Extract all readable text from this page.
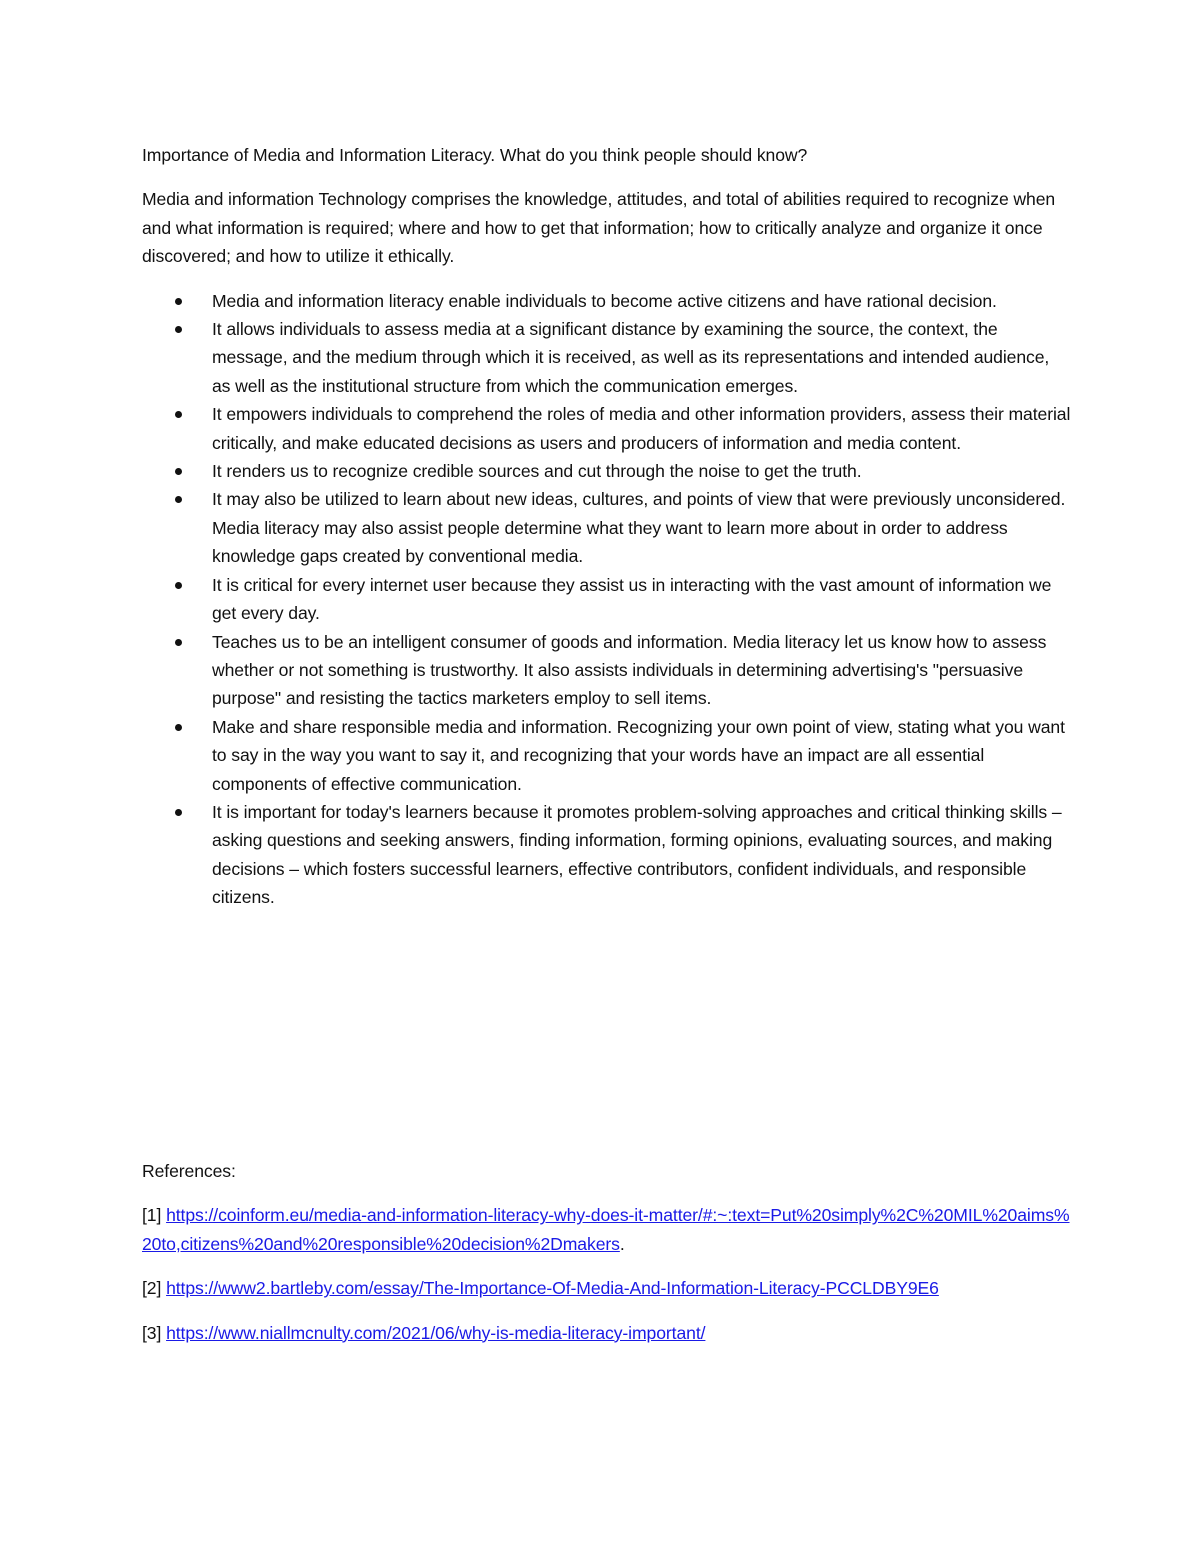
Importance of Media and Information Literacy. What do you think people should know?

Media and information Technology comprises the knowledge, attitudes, and total of abilities required to recognize when and what information is required; where and how to get that information; how to critically analyze and organize it once discovered; and how to utilize it ethically.

Media and information literacy enable individuals to become active citizens and have rational decision.
It allows individuals to assess media at a significant distance by examining the source, the context, the message, and the medium through which it is received, as well as its representations and intended audience, as well as the institutional structure from which the communication emerges.
It empowers individuals to comprehend the roles of media and other information providers, assess their material critically, and make educated decisions as users and producers of information and media content.
It renders us to recognize credible sources and cut through the noise to get the truth.
It may also be utilized to learn about new ideas, cultures, and points of view that were previously unconsidered. Media literacy may also assist people determine what they want to learn more about in order to address knowledge gaps created by conventional media.
It is critical for every internet user because they assist us in interacting with the vast amount of information we get every day.
Teaches us to be an intelligent consumer of goods and information. Media literacy let us know how to assess whether or not something is trustworthy. It also assists individuals in determining advertising's "persuasive purpose" and resisting the tactics marketers employ to sell items.
Make and share responsible media and information. Recognizing your own point of view, stating what you want to say in the way you want to say it, and recognizing that your words have an impact are all essential components of effective communication.
It is important for today's learners because it promotes problem-solving approaches and critical thinking skills – asking questions and seeking answers, finding information, forming opinions, evaluating sources, and making decisions – which fosters successful learners, effective contributors, confident individuals, and responsible citizens.

References:

[1] https://coinform.eu/media-and-information-literacy-why-does-it-matter/#:~:text=Put%20simply%2C%20MIL%20aims%20to,citizens%20and%20responsible%20decision%2Dmakers.

[2] https://www2.bartleby.com/essay/The-Importance-Of-Media-And-Information-Literacy-PCCLDBY9E6

[3] https://www.niallmcnulty.com/2021/06/why-is-media-literacy-important/
